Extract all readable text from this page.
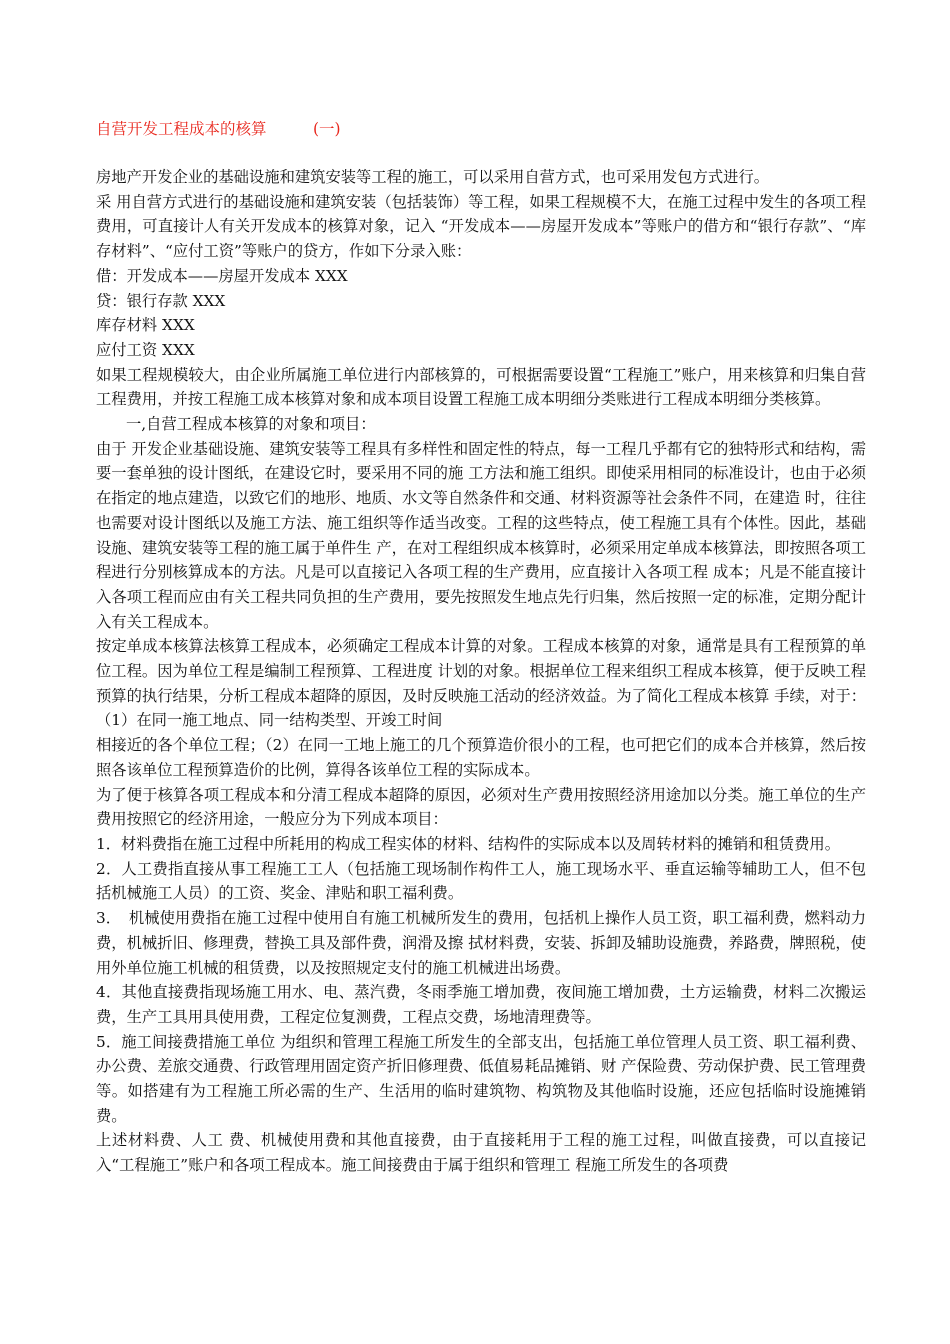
自营开发工程成本的核算　　　(一)

房地产开发企业的基础设施和建筑安装等工程的施工，可以采用自营方式，也可采用发包方式进行。

采 用自营方式进行的基础设施和建筑安装（包括装饰）等工程，如果工程规模不大，在施工过程中发生的各项工程费用，可直接计人有关开发成本的核算对象，记入 “开发成本——房屋开发成本”等账户的借方和“银行存款”、“库存材料”、“应付工资”等账户的贷方，作如下分录入账：

借：开发成本——房屋开发成本 XXX

贷：银行存款 XXX

库存材料 XXX

应付工资 XXX

如果工程规模较大，由企业所属施工单位进行内部核算的，可根据需要设置“工程施工”账户，用来核算和归集自营工程费用，并按工程施工成本核算对象和成本项目设置工程施工成本明细分类账进行工程成本明细分类核算。

一,自营工程成本核算的对象和项目：

由于 开发企业基础设施、建筑安装等工程具有多样性和固定性的特点，每一工程几乎都有它的独特形式和结构，需要一套单独的设计图纸，在建设它时，要采用不同的施 工方法和施工组织。即使采用相同的标准设计，也由于必须在指定的地点建造，以致它们的地形、地质、水文等自然条件和交通、材料资源等社会条件不同，在建造 时，往往也需要对设计图纸以及施工方法、施工组织等作适当改变。工程的这些特点，使工程施工具有个体性。因此，基础设施、建筑安装等工程的施工属于单件生 产，在对工程组织成本核算时，必须采用定单成本核算法，即按照各项工程进行分别核算成本的方法。凡是可以直接记入各项工程的生产费用，应直接计入各项工程 成本；凡是不能直接计入各项工程而应由有关工程共同负担的生产费用，要先按照发生地点先行归集，然后按照一定的标准，定期分配计入有关工程成本。

按定单成本核算法核算工程成本，必须确定工程成本计算的对象。工程成本核算的对象，通常是具有工程预算的单位工程。因为单位工程是编制工程预算、工程进度 计划的对象。根据单位工程来组织工程成本核算，便于反映工程预算的执行结果，分析工程成本超降的原因，及时反映施工活动的经济效益。为了简化工程成本核算 手续，对于：（1）在同一施工地点、同一结构类型、开竣工时间

相接近的各个单位工程；（2）在同一工地上施工的几个预算造价很小的工程，也可把它们的成本合并核算，然后按照各该单位工程预算造价的比例，算得各该单位工程的实际成本。

为了便于核算各项工程成本和分清工程成本超降的原因，必须对生产费用按照经济用途加以分类。施工单位的生产费用按照它的经济用途，一般应分为下列成本项目：

1．材料费指在施工过程中所耗用的构成工程实体的材料、结构件的实际成本以及周转材料的摊销和租赁费用。

2．人工费指直接从事工程施工工人（包括施工现场制作构件工人，施工现场水平、垂直运输等辅助工人，但不包括机械施工人员）的工资、奖金、津贴和职工福利费。

3．　机械使用费指在施工过程中使用自有施工机械所发生的费用，包括机上操作人员工资，职工福利费，燃料动力费，机械折旧、修理费，替换工具及部件费，润滑及擦 拭材料费，安装、拆卸及辅助设施费，养路费，牌照税，使用外单位施工机械的租赁费，以及按照规定支付的施工机械进出场费。

4．其他直接费指现场施工用水、电、蒸汽费，冬雨季施工增加费，夜间施工增加费，土方运输费，材料二次搬运费，生产工具用具使用费，工程定位复测费，工程点交费，场地清理费等。

5．施工间接费措施工单位 为组织和管理工程施工所发生的全部支出，包括施工单位管理人员工资、职工福利费、办公费、差旅交通费、行政管理用固定资产折旧修理费、低值易耗品摊销、财 产保险费、劳动保护费、民工管理费等。如搭建有为工程施工所必需的生产、生活用的临时建筑物、构筑物及其他临时设施，还应包括临时设施摊销费。

上述材料费、人工 费、机械使用费和其他直接费，由于直接耗用于工程的施工过程，叫做直接费，可以直接记入“工程施工”账户和各项工程成本。施工间接费由于属于组织和管理工 程施工所发生的各项费
